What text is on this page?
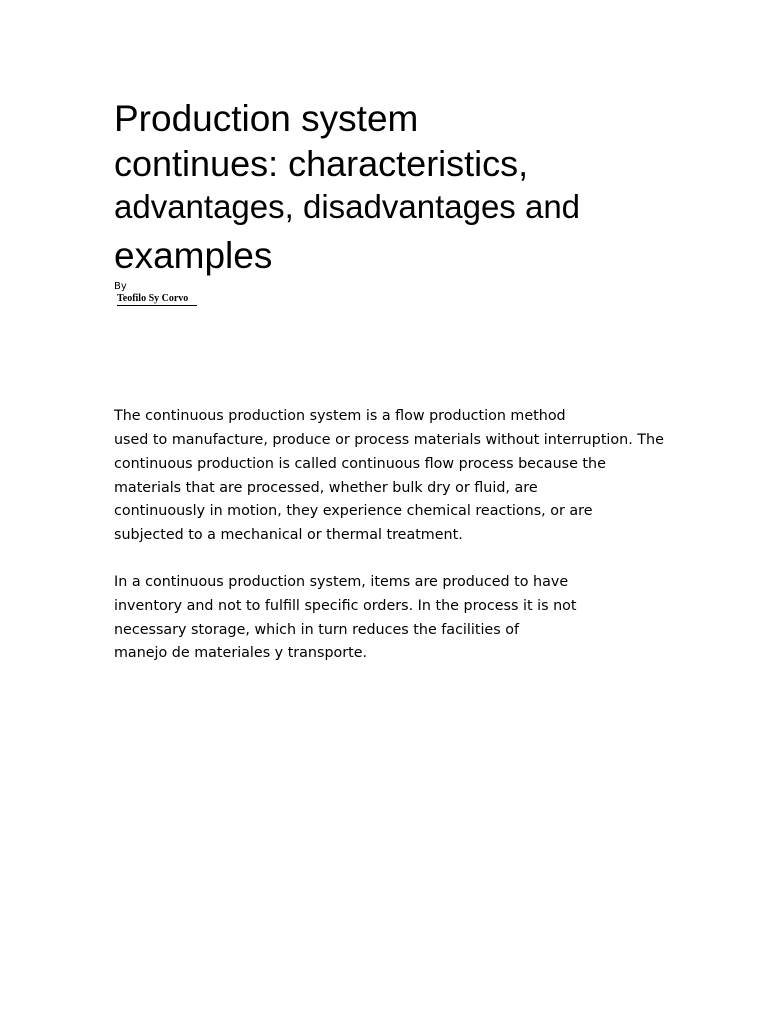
Production system
continues: characteristics,
advantages, disadvantages and
examples
By
Teofilo Sy Corvo

The continuous production system is a flow production method

used to manufacture, produce or process materials without interruption. The

continuous production is called continuous flow process because the

materials that are processed, whether bulk dry or fluid, are

continuously in motion, they experience chemical reactions, or are

subjected to a mechanical or thermal treatment.

In a continuous production system, items are produced to have

inventory and not to fulfill specific orders. In the process it is not

necessary storage, which in turn reduces the facilities of

manejo de materiales y transporte.
